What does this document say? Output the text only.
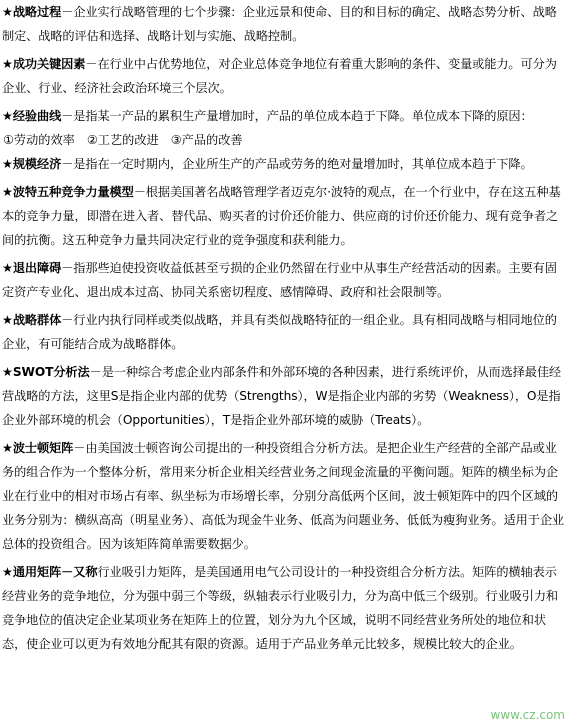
★战略过程－企业实行战略管理的七个步骤：企业远景和使命、目的和目标的确定、战略态势分析、战略制定、战略的评估和选择、战略计划与实施、战略控制。

★成功关键因素－在行业中占优势地位，对企业总体竞争地位有着重大影响的条件、变量或能力。可分为企业、行业、经济社会政治环境三个层次。

★经验曲线－是指某一产品的累积生产量增加时，产品的单位成本趋于下降。单位成本下降的原因：

①劳动的效率 ②工艺的改进 ③产品的改善

★规模经济－是指在一定时期内，企业所生产的产品或劳务的绝对量增加时，其单位成本趋于下降。

★波特五种竞争力量模型－根据美国著名战略管理学者迈克尔·波特的观点，在一个行业中，存在这五种基本的竞争力量，即潜在进入者、替代品、购买者的讨价还价能力、供应商的讨价还价能力、现有竞争者之间的抗衡。这五种竞争力量共同决定行业的竞争强度和获利能力。

★退出障碍－指那些迫使投资收益低甚至亏损的企业仍然留在行业中从事生产经营活动的因素。主要有固定资产专业化、退出成本过高、协同关系密切程度、感情障碍、政府和社会限制等。

★战略群体－行业内执行同样或类似战略，并具有类似战略特征的一组企业。具有相同战略与相同地位的企业，有可能结合成为战略群体。

★SWOT分析法－是一种综合考虑企业内部条件和外部环境的各种因素，进行系统评价，从而选择最佳经营战略的方法，这里S是指企业内部的优势（Strengths），W是指企业内部的劣势（Weakness），O是指企业外部环境的机会（Opportunities），T是指企业外部环境的威胁（Treats）。

★波士顿矩阵－由美国波士顿咨询公司提出的一种投资组合分析方法。是把企业生产经营的全部产品或业务的组合作为一个整体分析，常用来分析企业相关经营业务之间现金流量的平衡问题。矩阵的横坐标为企业在行业中的相对市场占有率、纵坐标为市场增长率，分别分高低两个区间，波士顿矩阵中的四个区域的业务分别为：横纵高高（明星业务）、高低为现金牛业务、低高为问题业务、低低为瘦狗业务。适用于企业总体的投资组合。因为该矩阵简单需要数据少。

★通用矩阵－又称行业吸引力矩阵，是美国通用电气公司设计的一种投资组合分析方法。矩阵的横轴表示经营业务的竞争地位，分为强中弱三个等级，纵轴表示行业吸引力，分为高中低三个级别。行业吸引力和竞争地位的值决定企业某项业务在矩阵上的位置，划分为九个区域，说明不同经营业务所处的地位和状态，使企业可以更为有效地分配其有限的资源。适用于产品业务单元比较多，规模比较大的企业。

www.cz.com
